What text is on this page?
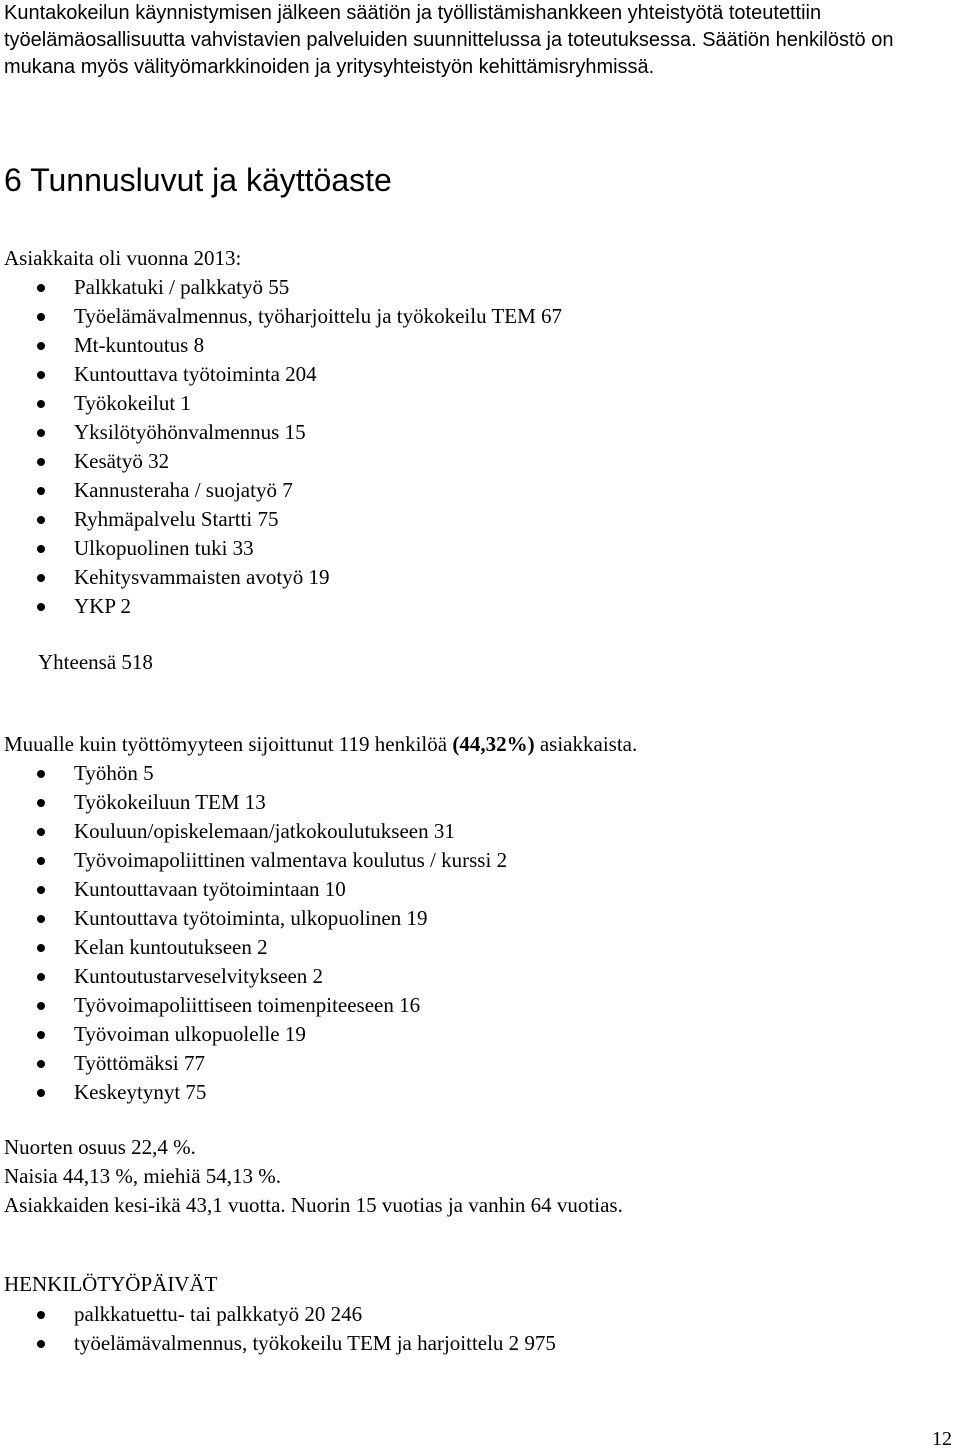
Kuntakokeilun käynnistymisen jälkeen säätiön ja työllistämishankkeen yhteistyötä toteutettiin

työelämäosallisuutta vahvistavien palveluiden suunnittelussa ja toteutuksessa. Säätiön henkilöstö on

mukana myös välityömarkkinoiden ja yritysyhteistyön kehittämisryhmissä.

6 Tunnusluvut ja käyttöaste
Asiakkaita oli vuonna 2013:
Palkkatuki / palkkatyö 55
Työelämävalmennus, työharjoittelu ja työkokeilu TEM 67
Mt-kuntoutus 8
Kuntouttava työtoiminta 204
Työkokeilut 1
Yksilötyöhönvalmennus 15
Kesätyö 32
Kannusteraha / suojatyö 7
Ryhmäpalvelu Startti 75
Ulkopuolinen tuki 33
Kehitysvammaisten avotyö 19
YKP 2
Yhteensä 518
Muualle kuin työttömyyteen sijoittunut 119 henkilöä (44,32%) asiakkaista.
Työhön 5
Työkokeiluun TEM 13
Kouluun/opiskelemaan/jatkokoulutukseen 31
Työvoimapoliittinen valmentava koulutus / kurssi 2
Kuntouttavaan työtoimintaan 10
Kuntouttava työtoiminta, ulkopuolinen 19
Kelan kuntoutukseen 2
Kuntoutustarveselvitykseen 2
Työvoimapoliittiseen toimenpiteeseen 16
Työvoiman ulkopuolelle 19
Työttömäksi 77
Keskeytynyt 75
Nuorten osuus 22,4 %.
Naisia 44,13 %, miehiä 54,13 %.
Asiakkaiden kesi-ikä 43,1 vuotta. Nuorin 15 vuotias ja vanhin 64 vuotias.
HENKILÖTYÖPÄIVÄT
palkkatuettu- tai palkkatyö 20 246
työelämävalmennus, työkokeilu TEM ja harjoittelu 2 975
12
